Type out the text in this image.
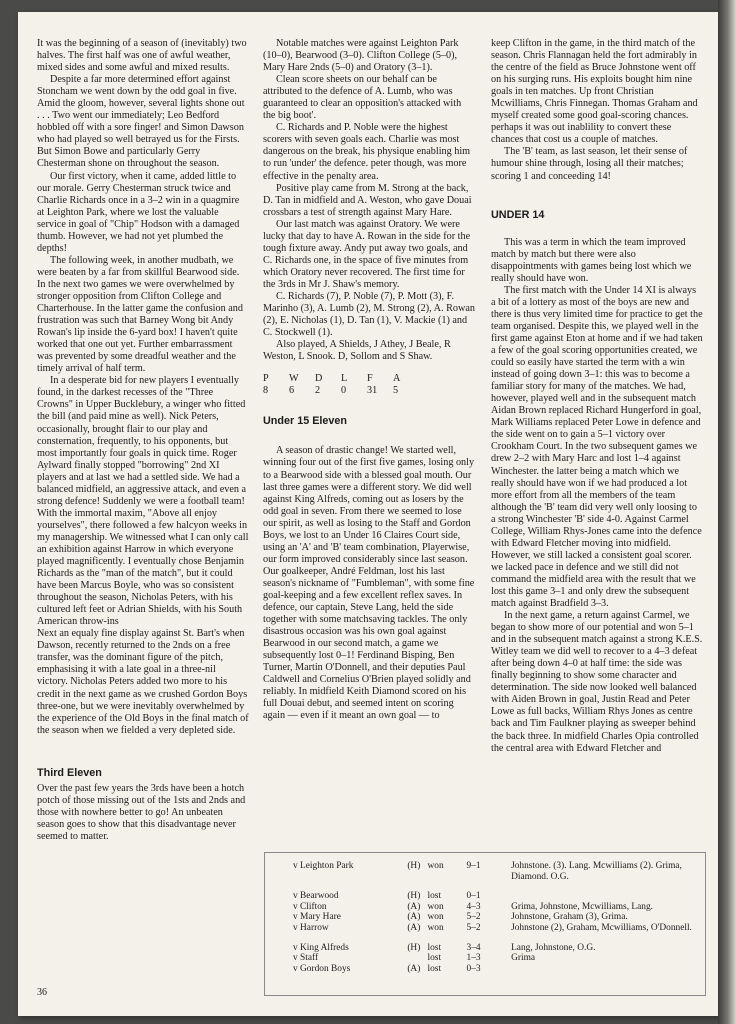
It was the beginning of a season of (inevitably) two halves. The first half was one of awful weather, mixed sides and some awful and mixed results.

Despite a far more determined effort against Stoncham we went down by the odd goal in five. Amid the gloom, however, several lights shone out . . . Two went our immediately; Leo Bedford hobbled off with a sore finger! and Simon Dawson who had played so well betrayed us for the Firsts. But Simon Bowe and particularly Gerry Chesterman shone on throughout the season.

Our first victory, when it came, added little to our morale. Gerry Chesterman struck twice and Charlie Richards once in a 3–2 win in a quagmire at Leighton Park, where we lost the valuable service in goal of "Chip" Hodson with a damaged thumb. However, we had not yet plumbed the depths!

The following week, in another mudbath, we were beaten by a far from skillful Bearwood side. In the next two games we were overwhelmed by stronger opposition from Clifton College and Charterhouse. In the latter game the confusion and frustration was such that Barney Wong bit Andy Rowan's lip inside the 6-yard box! I haven't quite worked that one out yet. Further embarrassment was prevented by some dreadful weather and the timely arrival of half term.

In a desperate bid for new players I eventually found, in the darkest recesses of the "Three Crowns" in Upper Bucklebury, a winger who fitted the bill (and paid mine as well). Nick Peters, occasionally, brought flair to our play and consternation, frequently, to his opponents, but most importantly four goals in quick time. Roger Aylward finally stopped "borrowing" 2nd XI players and at last we had a settled side. We had a balanced midfield, an aggressive attack, and even a strong defence! Suddenly we were a football team! With the immortal maxim, "Above all enjoy yourselves", there followed a few halcyon weeks in my managership. We witnessed what I can only call an exhibition against Harrow in which everyone played magnificently. I eventually chose Benjamin Richards as the "man of the match", but it could have been Marcus Boyle, who was so consistent throughout the season, Nicholas Peters, with his cultured left feet or Adrian Shields, with his South American throw-ins

Next an equaly fine display against St. Bart's when Dawson, recently returned to the 2nds on a free transfer, was the dominant figure of the pitch, emphasising it with a late goal in a three-nil victory. Nicholas Peters added two more to his credit in the next game as we crushed Gordon Boys three-one, but we were inevitably overwhelmed by the experience of the Old Boys in the final match of the season when we fielded a very depleted side.

Third Eleven

Over the past few years the 3rds have been a hotch potch of those missing out of the 1sts and 2nds and those with nowhere better to go! An unbeaten season goes to show that this disadvantage never seemed to matter.

Notable matches were against Leighton Park (10–0), Bearwood (3–0). Clifton College (5–0), Mary Hare 2nds (5–0) and Oratory (3–1).

Clean score sheets on our behalf can be attributed to the defence of A. Lumb, who was guaranteed to clear an opposition's attacked with the big boot'.

C. Richards and P. Noble were the highest scorers with seven goals each. Charlie was most dangerous on the break, his physique enabling him to run 'under' the defence. peter though, was more effective in the penalty area.

Positive play came from M. Strong at the back, D. Tan in midfield and A. Weston, who gave Douai crossbars a test of strength against Mary Hare.

Our last match was against Oratory. We were lucky that day to have A. Rowan in the side for the tough fixture away. Andy put away two goals, and C. Richards one, in the space of five minutes from which Oratory never recovered. The first time for the 3rds in Mr J. Shaw's memory.

C. Richards (7), P. Noble (7), P. Mott (3), F. Marinho (3), A. Lumb (2), M. Strong (2), A. Rowan (2), E. Nicholas (1), D. Tan (1), V. Mackie (1) and C. Stockwell (1).

Also played, A Shields, J Athey, J Beale, R Weston, L Snook. D, Sollom and S Shaw.

P	W	D	L	F	A
8	6	2	0	31	5
Under 15 Eleven

A season of drastic change! We started well, winning four out of the first five games, losing only to a Bearwood side with a blessed goal mouth. Our last three games were a different story. We did well against King Alfreds, coming out as losers by the odd goal in seven. From there we seemed to lose our spirit, as well as losing to the Staff and Gordon Boys, we lost to an Under 16 Claires Court side, using an 'A' and 'B' team combination, Playerwise, our form improved considerably since last season. Our goalkeeper, André Feldman, lost his last season's nickname of "Fumbleman", with some fine goal-keeping and a few excellent reflex saves. In defence, our captain, Steve Lang, held the side together with some matchsaving tackles. The only disastrous occasion was his own goal against Bearwood in our second match, a game we subsequently lost 0–1! Ferdinand Bisping, Ben Turner, Martin O'Donnell, and their deputies Paul Caldwell and Cornelius O'Brien played solidly and reliably. In midfield Keith Diamond scored on his full Douai debut, and seemed intent on scoring again — even if it meant an own goal — to

keep Clifton in the game, in the third match of the season. Chris Flannagan held the fort admirably in the centre of the field as Bruce Johnstone went off on his surging runs. His exploits bought him nine goals in ten matches. Up front Christian Mcwilliams, Chris Finnegan. Thomas Graham and myself created some good goal-scoring chances. perhaps it was out inablility to convert these chances that cost us a couple of matches.

The 'B' team, as last season, let their sense of humour shine through, losing all their matches; scoring 1 and conceeding 14!

UNDER 14

This was a term in which the team improved match by match but there were also disappointments with games being lost which we really should have won.

The first match with the Under 14 XI is always a bit of a lottery as most of the boys are new and there is thus very limited time for practice to get the team organised. Despite this, we played well in the first game against Eton at home and if we had taken a few of the goal scoring opportunities created, we could so easily have started the term with a win instead of going down 3–1: this was to become a familiar story for many of the matches. We had, however, played well and in the subsequent match Aidan Brown replaced Richard Hungerford in goal, Mark Williams replaced Peter Lowe in defence and the side went on to gain a 5–1 victory over Crookham Court. In the two subsequent games we drew 2–2 with Mary Harc and lost 1–4 against Winchester. the latter being a match which we really should have won if we had produced a lot more effort from all the members of the team although the 'B' team did very well only loosing to a strong Winchester 'B' side 4-0. Against Carmel College, William Rhys-Jones came into the defence with Edward Fletcher moving into midfield. However, we still lacked a consistent goal scorer. we lacked pace in defence and we still did not command the midfield area with the result that we lost this game 3–1 and only drew the subsequent match against Bradfield 3–3.

In the next game, a return against Carmel, we began to show more of our potential and won 5–1 and in the subsequent match against a strong K.E.S. Witley team we did well to recover to a 4–3 defeat after being down 4–0 at half time: the side was finally beginning to show some character and determination. The side now looked well balanced with Aiden Brown in goal, Justin Read and Peter Lowe as full backs, William Rhys Jones as centre back and Tim Faulkner playing as sweeper behind the back three. In midfield Charles Opia controlled the central area with Edward Fletcher and

v Leighton Park	(H)	won	9–1	Johnstone. (3). Lang. Mcwilliams (2). Grima, Diamond. O.G.

v Bearwood	(H)	lost	0–1	
v Clifton	(A)	won	4–3	Grima, Johnstone, Mcwilliams, Lang.
v Mary Hare	(A)	won	5–2	Johnstone, Graham (3), Grima.
v Harrow	(A)	won	5–2	Johnstone (2), Graham, Mcwilliams, O'Donnell.

v King Alfreds	(H)	lost	3–4	Lang, Johnstone, O.G.
v Staff		lost	1–3	Grima
v Gordon Boys	(A)	lost	0–3	
36
